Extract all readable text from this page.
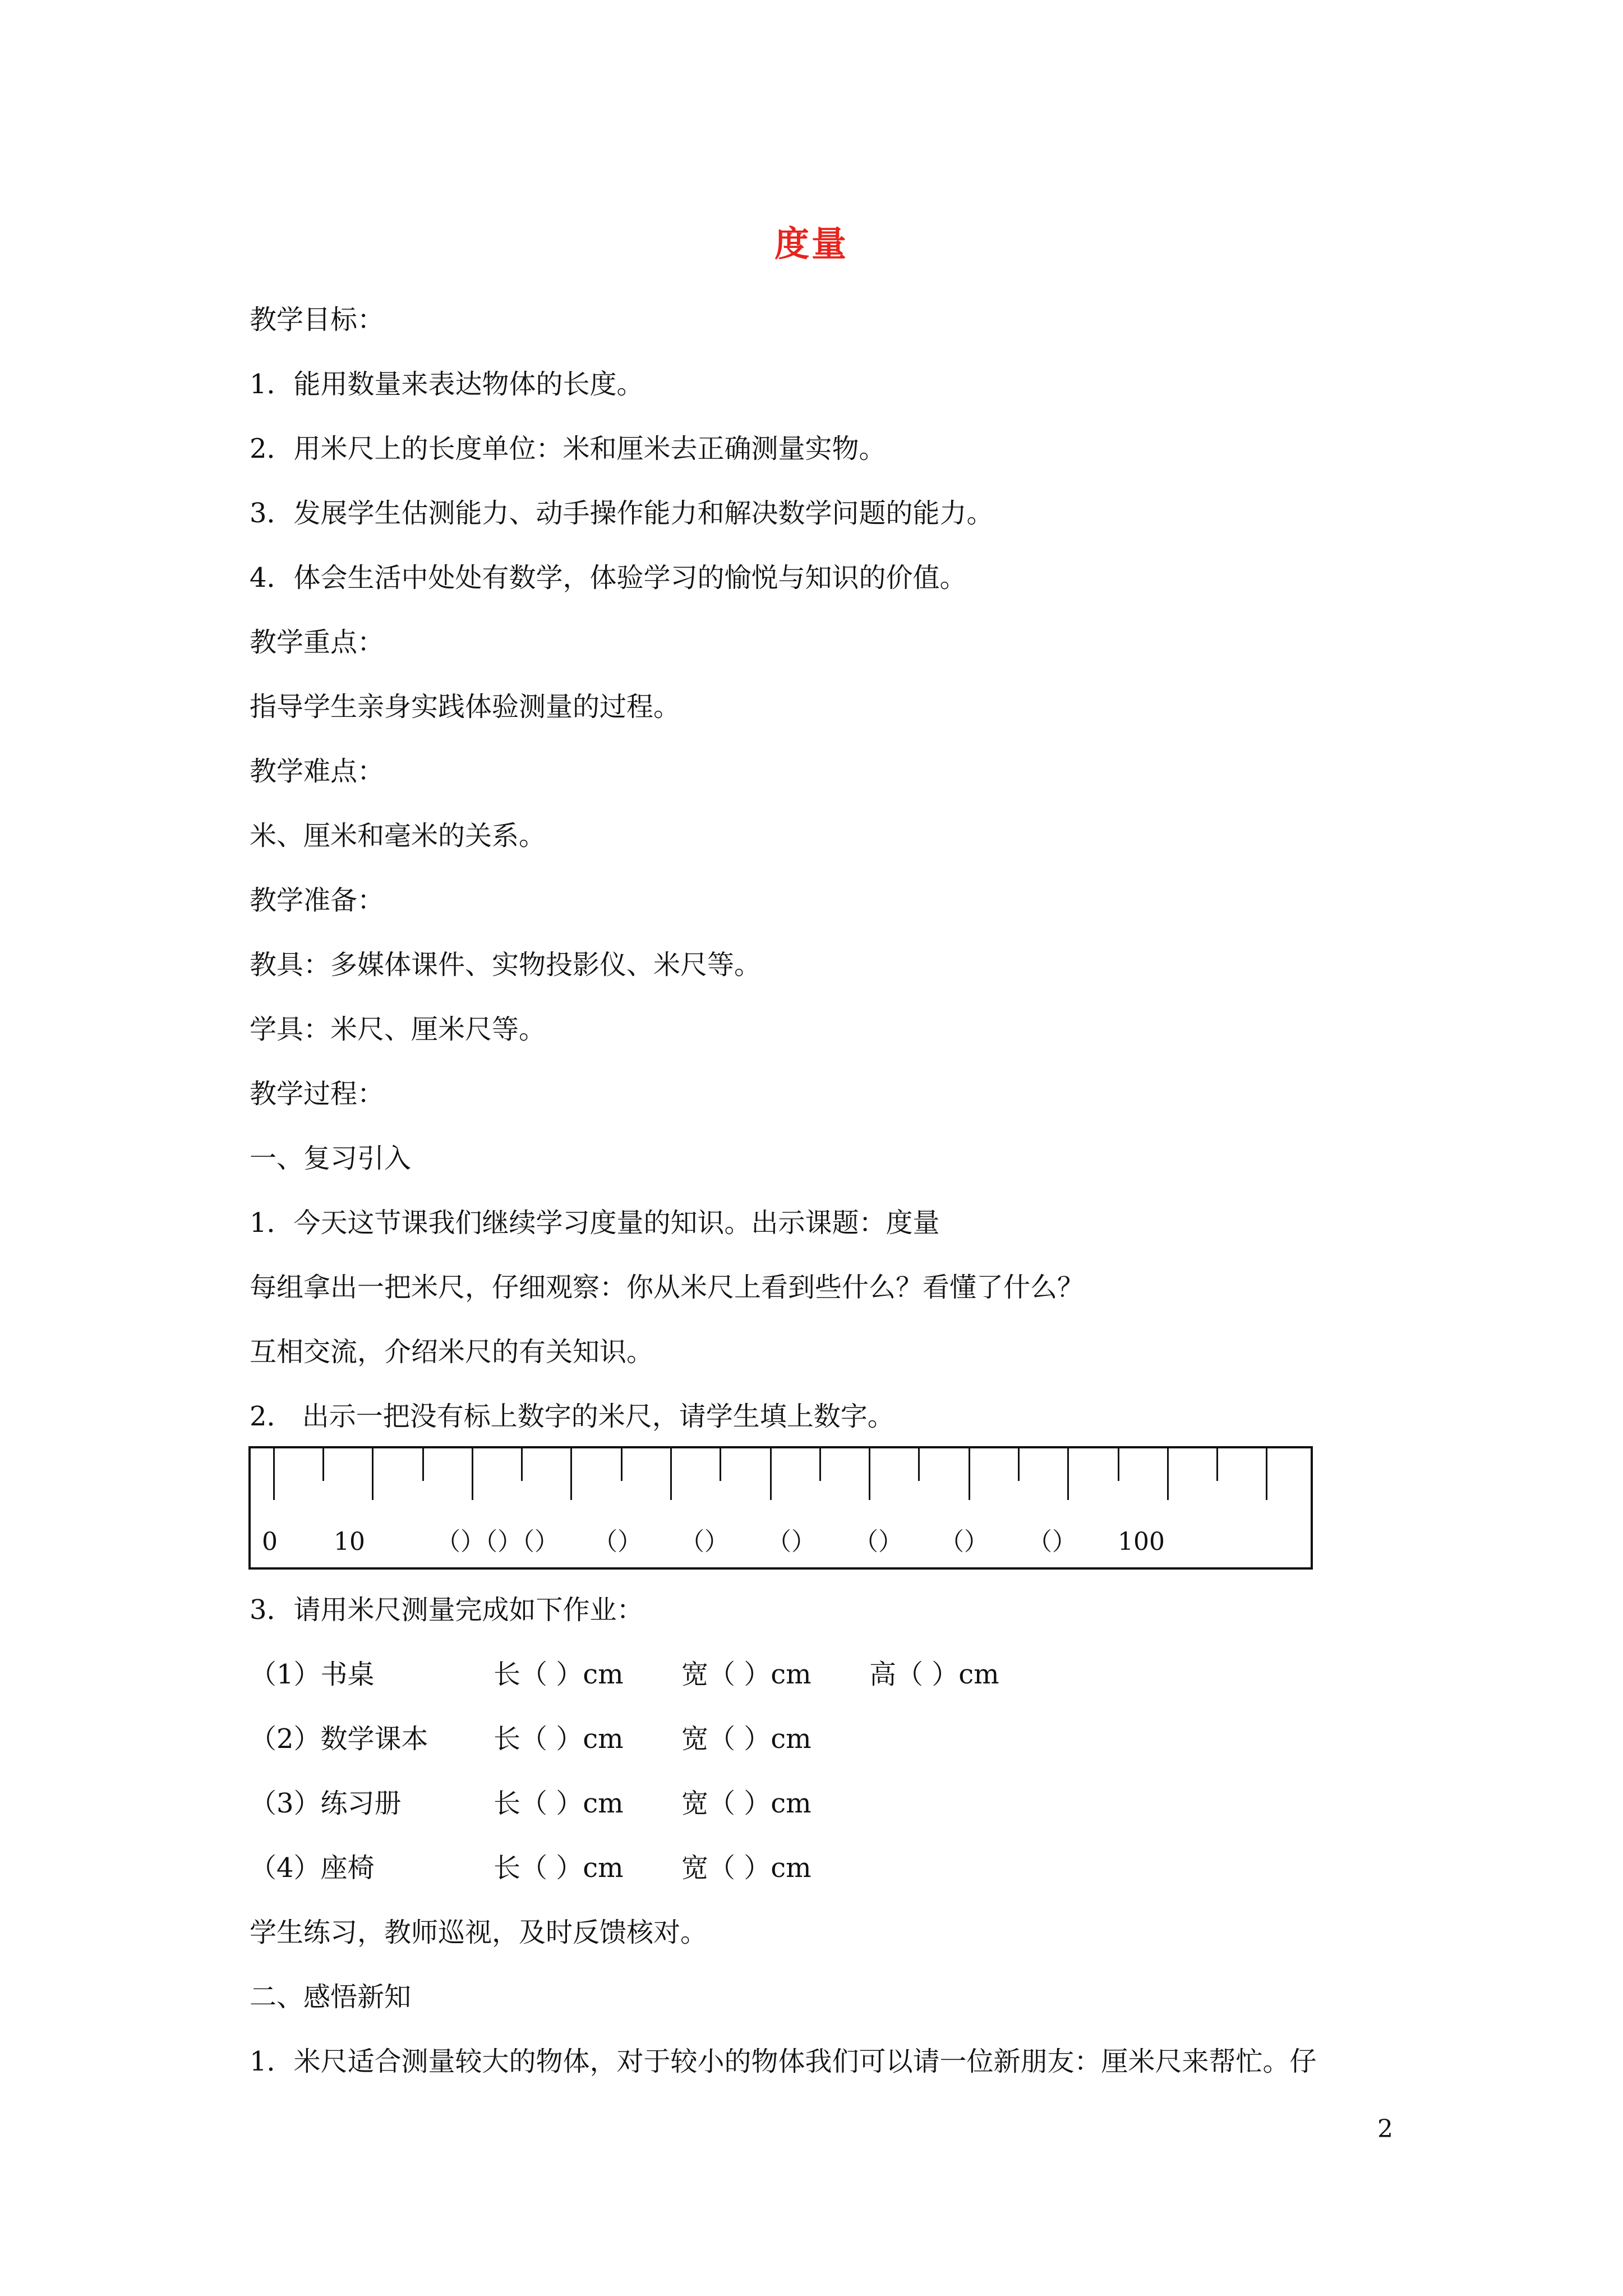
度量
教学目标：
1．能用数量来表达物体的长度。
2．用米尺上的长度单位：米和厘米去正确测量实物。
3．发展学生估测能力、动手操作能力和解决数学问题的能力。
4．体会生活中处处有数学，体验学习的愉悦与知识的价值。
教学重点：
指导学生亲身实践体验测量的过程。
教学难点：
米、厘米和毫米的关系。
教学准备：
教具：多媒体课件、实物投影仪、米尺等。
学具：米尺、厘米尺等。
教学过程：
一、复习引入
1．今天这节课我们继续学习度量的知识。出示课题：度量
每组拿出一把米尺，仔细观察：你从米尺上看到些什么？看懂了什么？
互相交流，介绍米尺的有关知识。
2． 出示一把没有标上数字的米尺，请学生填上数字。
0 10	（）（）（） （） （） （） （） （） （） 100
3．请用米尺测量完成如下作业：
（1）书桌	长（ ）cm 宽（ ）cm 高（ ）cm
（2）数学课本 长（ ）cm 宽（ ）cm
（3）练习册	长（ ）cm 宽（ ）cm
（4）座椅	长（ ）cm 宽（ ）cm
学生练习，教师巡视，及时反馈核对。
二、感悟新知
1．米尺适合测量较大的物体，对于较小的物体我们可以请一位新朋友：厘米尺来帮忙。仔
2
